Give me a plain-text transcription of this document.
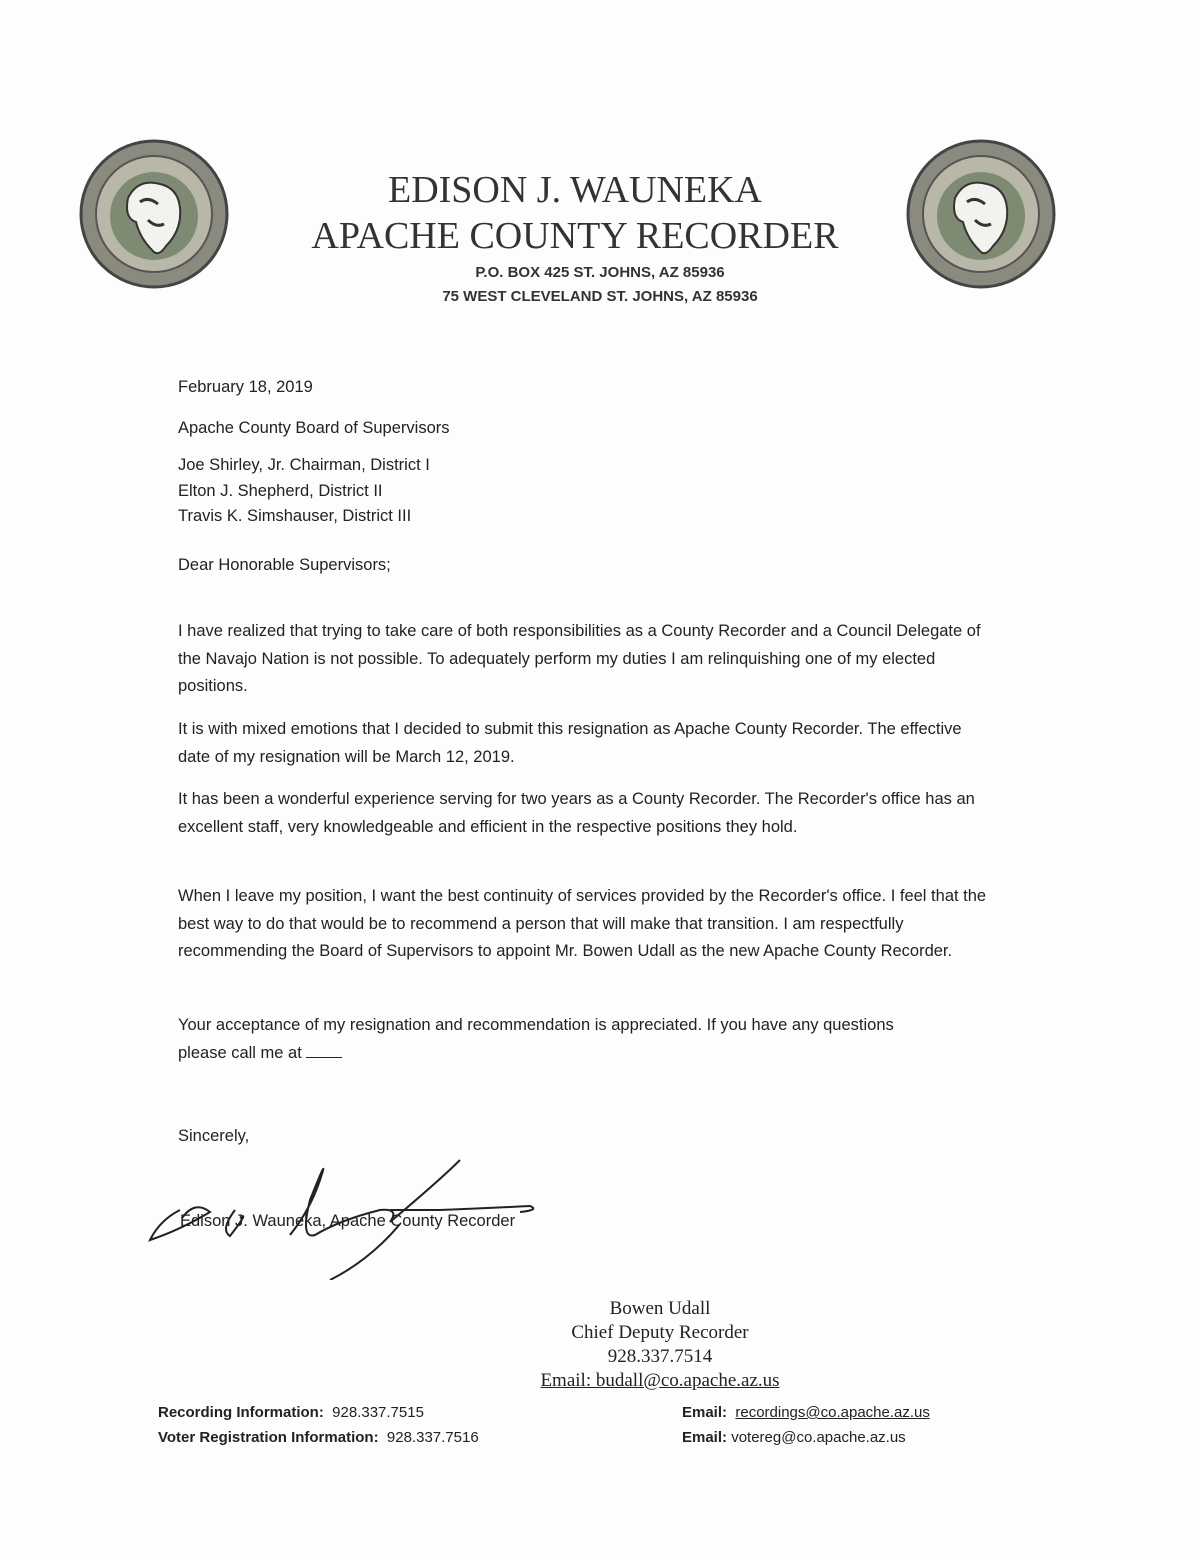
EDISON J. WAUNEKA
APACHE COUNTY RECORDER
P.O. BOX 425 ST. JOHNS, AZ 85936
75 WEST CLEVELAND ST. JOHNS, AZ 85936
February 18, 2019
Apache County Board of Supervisors

Joe Shirley, Jr. Chairman, District I

Elton J. Shepherd, District II

Travis K. Simshauser, District III

Dear Honorable Supervisors;
I have realized that trying to take care of both responsibilities as a County Recorder and a Council Delegate of the Navajo Nation is not possible. To adequately perform my duties I am relinquishing one of my elected positions.
It is with mixed emotions that I decided to submit this resignation as Apache County Recorder. The effective date of my resignation will be March 12, 2019.
It has been a wonderful experience serving for two years as a County Recorder. The Recorder's office has an excellent staff, very knowledgeable and efficient in the respective positions they hold.
When I leave my position, I want the best continuity of services provided by the Recorder's office. I feel that the best way to do that would be to recommend a person that will make that transition. I am respectfully recommending the Board of Supervisors to appoint Mr. Bowen Udall as the new Apache County Recorder.
Your acceptance of my resignation and recommendation is appreciated. If you have any questions please call me at
Sincerely,
Edison J. Wauneka, Apache County Recorder
Bowen Udall
Chief Deputy Recorder
928.337.7514
Email: budall@co.apache.az.us
Recording Information: 928.337.7515
Voter Registration Information: 928.337.7516
Email: recordings@co.apache.az.us
Email: votereg@co.apache.az.us
